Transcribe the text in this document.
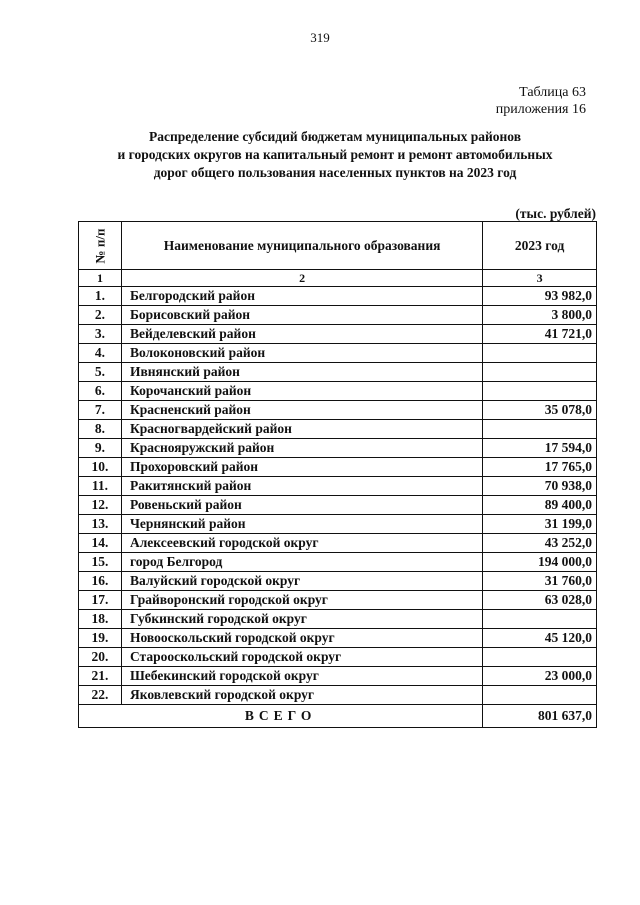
319
Таблица 63
приложения 16
Распределение субсидий бюджетам муниципальных районов
и городских округов на капитальный ремонт и ремонт автомобильных
дорог общего пользования населенных пунктов на 2023 год
(тыс. рублей)
№ п/п	Наименование муниципального образования	2023 год
1	2	3
1.	Белгородский район	93 982,0
2.	Борисовский район	3 800,0
3.	Вейделевский район	41 721,0
4.	Волоконовский район	
5.	Ивнянский район	
6.	Корочанский район	
7.	Красненский район	35 078,0
8.	Красногвардейский район	
9.	Краснояружский район	17 594,0
10.	Прохоровский район	17 765,0
11.	Ракитянский район	70 938,0
12.	Ровеньский район	89 400,0
13.	Чернянский район	31 199,0
14.	Алексеевский городской округ	43 252,0
15.	город Белгород	194 000,0
16.	Валуйский городской округ	31 760,0
17.	Грайворонский городской округ	63 028,0
18.	Губкинский городской округ	
19.	Новооскольский городской округ	45 120,0
20.	Старооскольский городской округ	
21.	Шебекинский городской округ	23 000,0
22.	Яковлевский городской округ	
ВСЕГО		801 637,0
